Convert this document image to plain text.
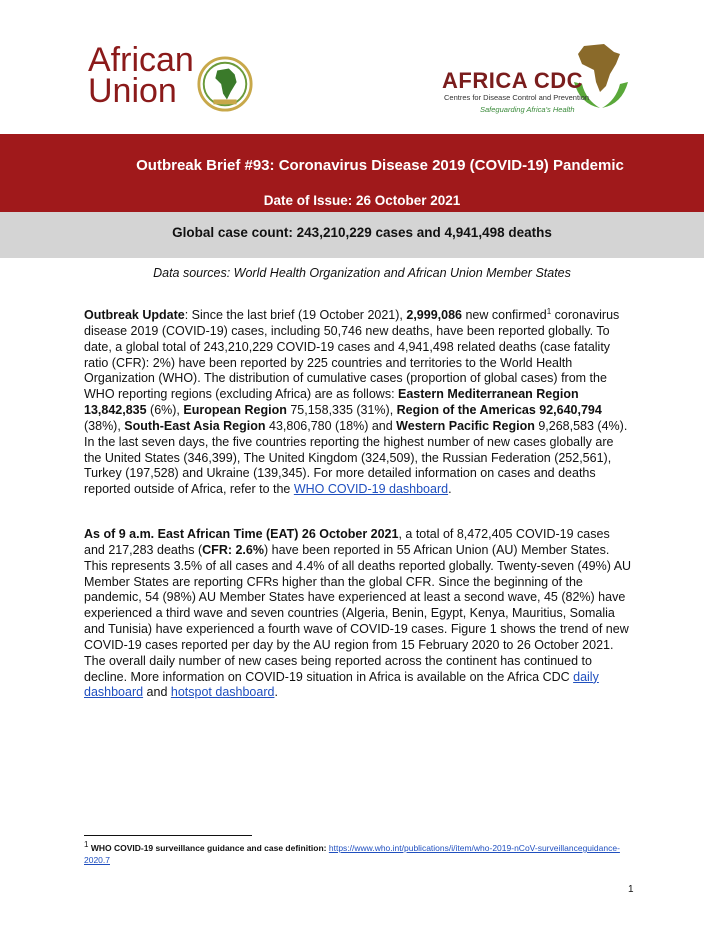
African
Union	AFRICA CDC
Centres for Disease Control and Prevention
Safeguarding Africa's Health
Outbreak Brief #93: Coronavirus Disease 2019 (COVID-19) Pandemic
Date of Issue: 26 October 2021
Global case count: 243,210,229 cases and 4,941,498 deaths
Data sources: World Health Organization and African Union Member States
Outbreak Update: Since the last brief (19 October 2021), 2,999,086 new confirmed$^1$ coronavirus disease 2019 (COVID-19) cases, including 50,746 new deaths, have been reported globally. To date, a global total of 243,210,229 COVID-19 cases and 4,941,498 related deaths (case fatality ratio (CFR): 2%) have been reported by 225 countries and territories to the World Health Organization (WHO). The distribution of cumulative cases (proportion of global cases) from the WHO reporting regions (excluding Africa) are as follows: Eastern Mediterranean Region 13,842,835 (6%), European Region 75,158,335 (31%), Region of the Americas 92,640,794 (38%), South-East Asia Region 43,806,780 (18%) and Western Pacific Region 9,268,583 (4%). In the last seven days, the five countries reporting the highest number of new cases globally are the United States (346,399), The United Kingdom (324,509), the Russian Federation (252,561), Turkey (197,528) and Ukraine (139,345). For more detailed information on cases and deaths reported outside of Africa, refer to the WHO COVID-19 dashboard.
As of 9 a.m. East African Time (EAT) 26 October 2021, a total of 8,472,405 COVID-19 cases and 217,283 deaths (CFR: 2.6%) have been reported in 55 African Union (AU) Member States. This represents 3.5% of all cases and 4.4% of all deaths reported globally. Twenty-seven (49%) AU Member States are reporting CFRs higher than the global CFR. Since the beginning of the pandemic, 54 (98%) AU Member States have experienced at least a second wave, 45 (82%) have experienced a third wave and seven countries (Algeria, Benin, Egypt, Kenya, Mauritius, Somalia and Tunisia) have experienced a fourth wave of COVID-19 cases. Figure 1 shows the trend of new COVID-19 cases reported per day by the AU region from 15 February 2020 to 26 October 2021. The overall daily number of new cases being reported across the continent has continued to decline. More information on COVID-19 situation in Africa is available on the Africa CDC daily dashboard and hotspot dashboard.
$^1$ WHO COVID-19 surveillance guidance and case definition: https://www.who.int/publications/i/item/who-2019-nCoV-surveillanceguidance-2020.7
1
